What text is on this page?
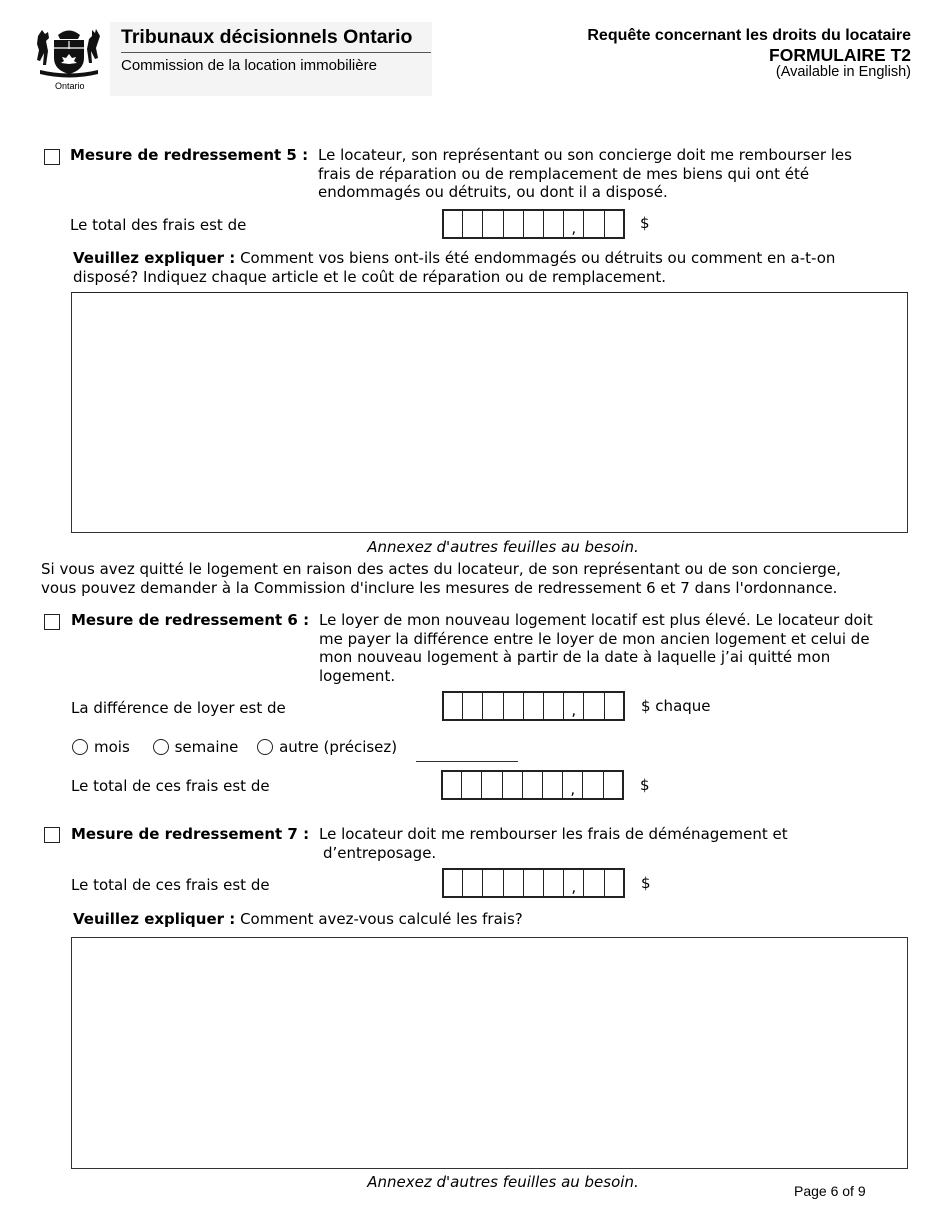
Ontario
Tribunaux décisionnels Ontario
Commission de la location immobilière
Requête concernant les droits du locataire
FORMULAIRE T2
(Available in English)
Mesure de redressement 5 : Le locateur, son représentant ou son concierge doit me rembourser les
frais de réparation ou de remplacement de mes biens qui ont été
endommagés ou détruits, ou dont il a disposé.
Le total des frais est de	,	$
Veuillez expliquer : Comment vos biens ont-ils été endommagés ou détruits ou comment en a-t-on
disposé? Indiquez chaque article et le coût de réparation ou de remplacement.
Annexez d'autres feuilles au besoin.
Si vous avez quitté le logement en raison des actes du locateur, de son représentant ou de son concierge,
vous pouvez demander à la Commission d'inclure les mesures de redressement 6 et 7 dans l'ordonnance.
Mesure de redressement 6 : Le loyer de mon nouveau logement locatif est plus élevé. Le locateur doit
me payer la différence entre le loyer de mon ancien logement et celui de
mon nouveau logement à partir de la date à laquelle j’ai quitté mon
logement.
La différence de loyer est de	,	$ chaque
mois	semaine	autre (précisez)
Le total de ces frais est de	,	$
Mesure de redressement 7 : Le locateur doit me rembourser les frais de déménagement et
d’entreposage.
Le total de ces frais est de	,	$
Veuillez expliquer : Comment avez-vous calculé les frais?
Annexez d'autres feuilles au besoin.	Page 6 of 9
